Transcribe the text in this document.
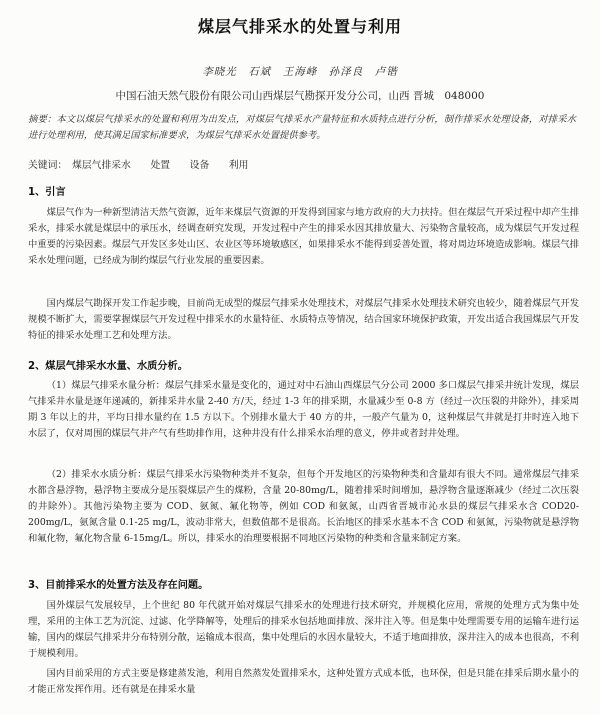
煤层气排采水的处置与利用
李晓光　石斌　王海峰　孙泽良　卢锴
中国石油天然气股份有限公司山西煤层气勘探开发分公司，山西 晋城　048000
摘要：本文以煤层气排采水的处置和利用为出发点，对煤层气排采水产量特征和水质特点进行分析，制作排采水处理设备，对排采水进行处理利用，使其满足国家标准要求，为煤层气排采水处置提供参考。
关键词：　煤层气排采水　　处置　　设备　　利用
1、引言
煤层气作为一种新型清洁天然气资源，近年来煤层气资源的开发得到国家与地方政府的大力扶持。但在煤层气开采过程中却产生排采水，排采水就是煤层中的承压水，经调查研究发现，开发过程中产生的排采水因其排放量大、污染物含量较高，成为煤层气开发过程中重要的污染因素。煤层气开发区多处山区、农业区等环境敏感区，如果排采水不能得到妥善处置，将对周边环境造成影响。煤层气排采水处理问题，已经成为制约煤层气行业发展的重要因素。
国内煤层气勘探开发工作起步晚，目前尚无成型的煤层气排采水处理技术，对煤层气排采水处理技术研究也较少，随着煤层气开发规模不断扩大，需要掌握煤层气开发过程中排采水的水量特征、水质特点等情况，结合国家环境保护政策，开发出适合我国煤层气开发特征的排采水处理工艺和处理方法。
2、煤层气排采水水量、水质分析。
（1）煤层气排采水量分析：煤层气排采水量是变化的，通过对中石油山西煤层气分公司 2000 多口煤层气排采井统计发现，煤层气排采井水量是逐年递减的，新排采井水量 2-40 方/天，经过 1-3 年的排采期，水量减少至 0-8 方（经过一次压裂的井除外），排采周期 3 年以上的井，平均日排水量约在 1.5 方以下。个别排水量大于 40 方的井，一般产气量为 0，这种煤层气井就是打井时连入地下水层了，仅对周围的煤层气井产气有些助排作用，这种井没有什么排采水治理的意义，停井或者封井处理。
（2）排采水水质分析：煤层气排采水污染物种类并不复杂，但每个开发地区的污染物种类和含量却有很大不同。通常煤层气排采水都含悬浮物，悬浮物主要成分是压裂煤层产生的煤粉，含量 20-80mg/L，随着排采时间增加，悬浮物含量逐渐减少（经过二次压裂的井除外）。其他污染物主要为 COD、氨氮、氟化物等，例如 COD 和氨氮，山西省晋城市沁水县的煤层气排采水含 COD20-200mg/L，氨氮含量 0.1-25 mg/L，波动非常大，但数值都不是很高。长治地区的排采水基本不含 COD 和氨氮，污染物就是悬浮物和氟化物，氟化物含量 6-15mg/L。所以，排采水的治理要根据不同地区污染物的种类和含量来制定方案。
3、目前排采水的处置方法及存在问题。
国外煤层气发展较早，上个世纪 80 年代就开始对煤层气排采水的处理进行技术研究，并规模化应用，常规的处理方式为集中处理，采用的主体工艺为沉淀、过滤、化学降解等，处理后的排采水包括地面排放、深井注入等。但是集中处理需要专用的运输车进行运输，国内的煤层气排采井分布特别分散，运输成本很高，集中处理后的水因水量较大，不适于地面排放，深井注入的成本也很高，不利于规模利用。
国内目前采用的方式主要是修建蒸发池，利用自然蒸发处置排采水，这种处置方式成本低，也环保，但是只能在排采后期水量小的才能正常发挥作用。还有就是在排采水量
